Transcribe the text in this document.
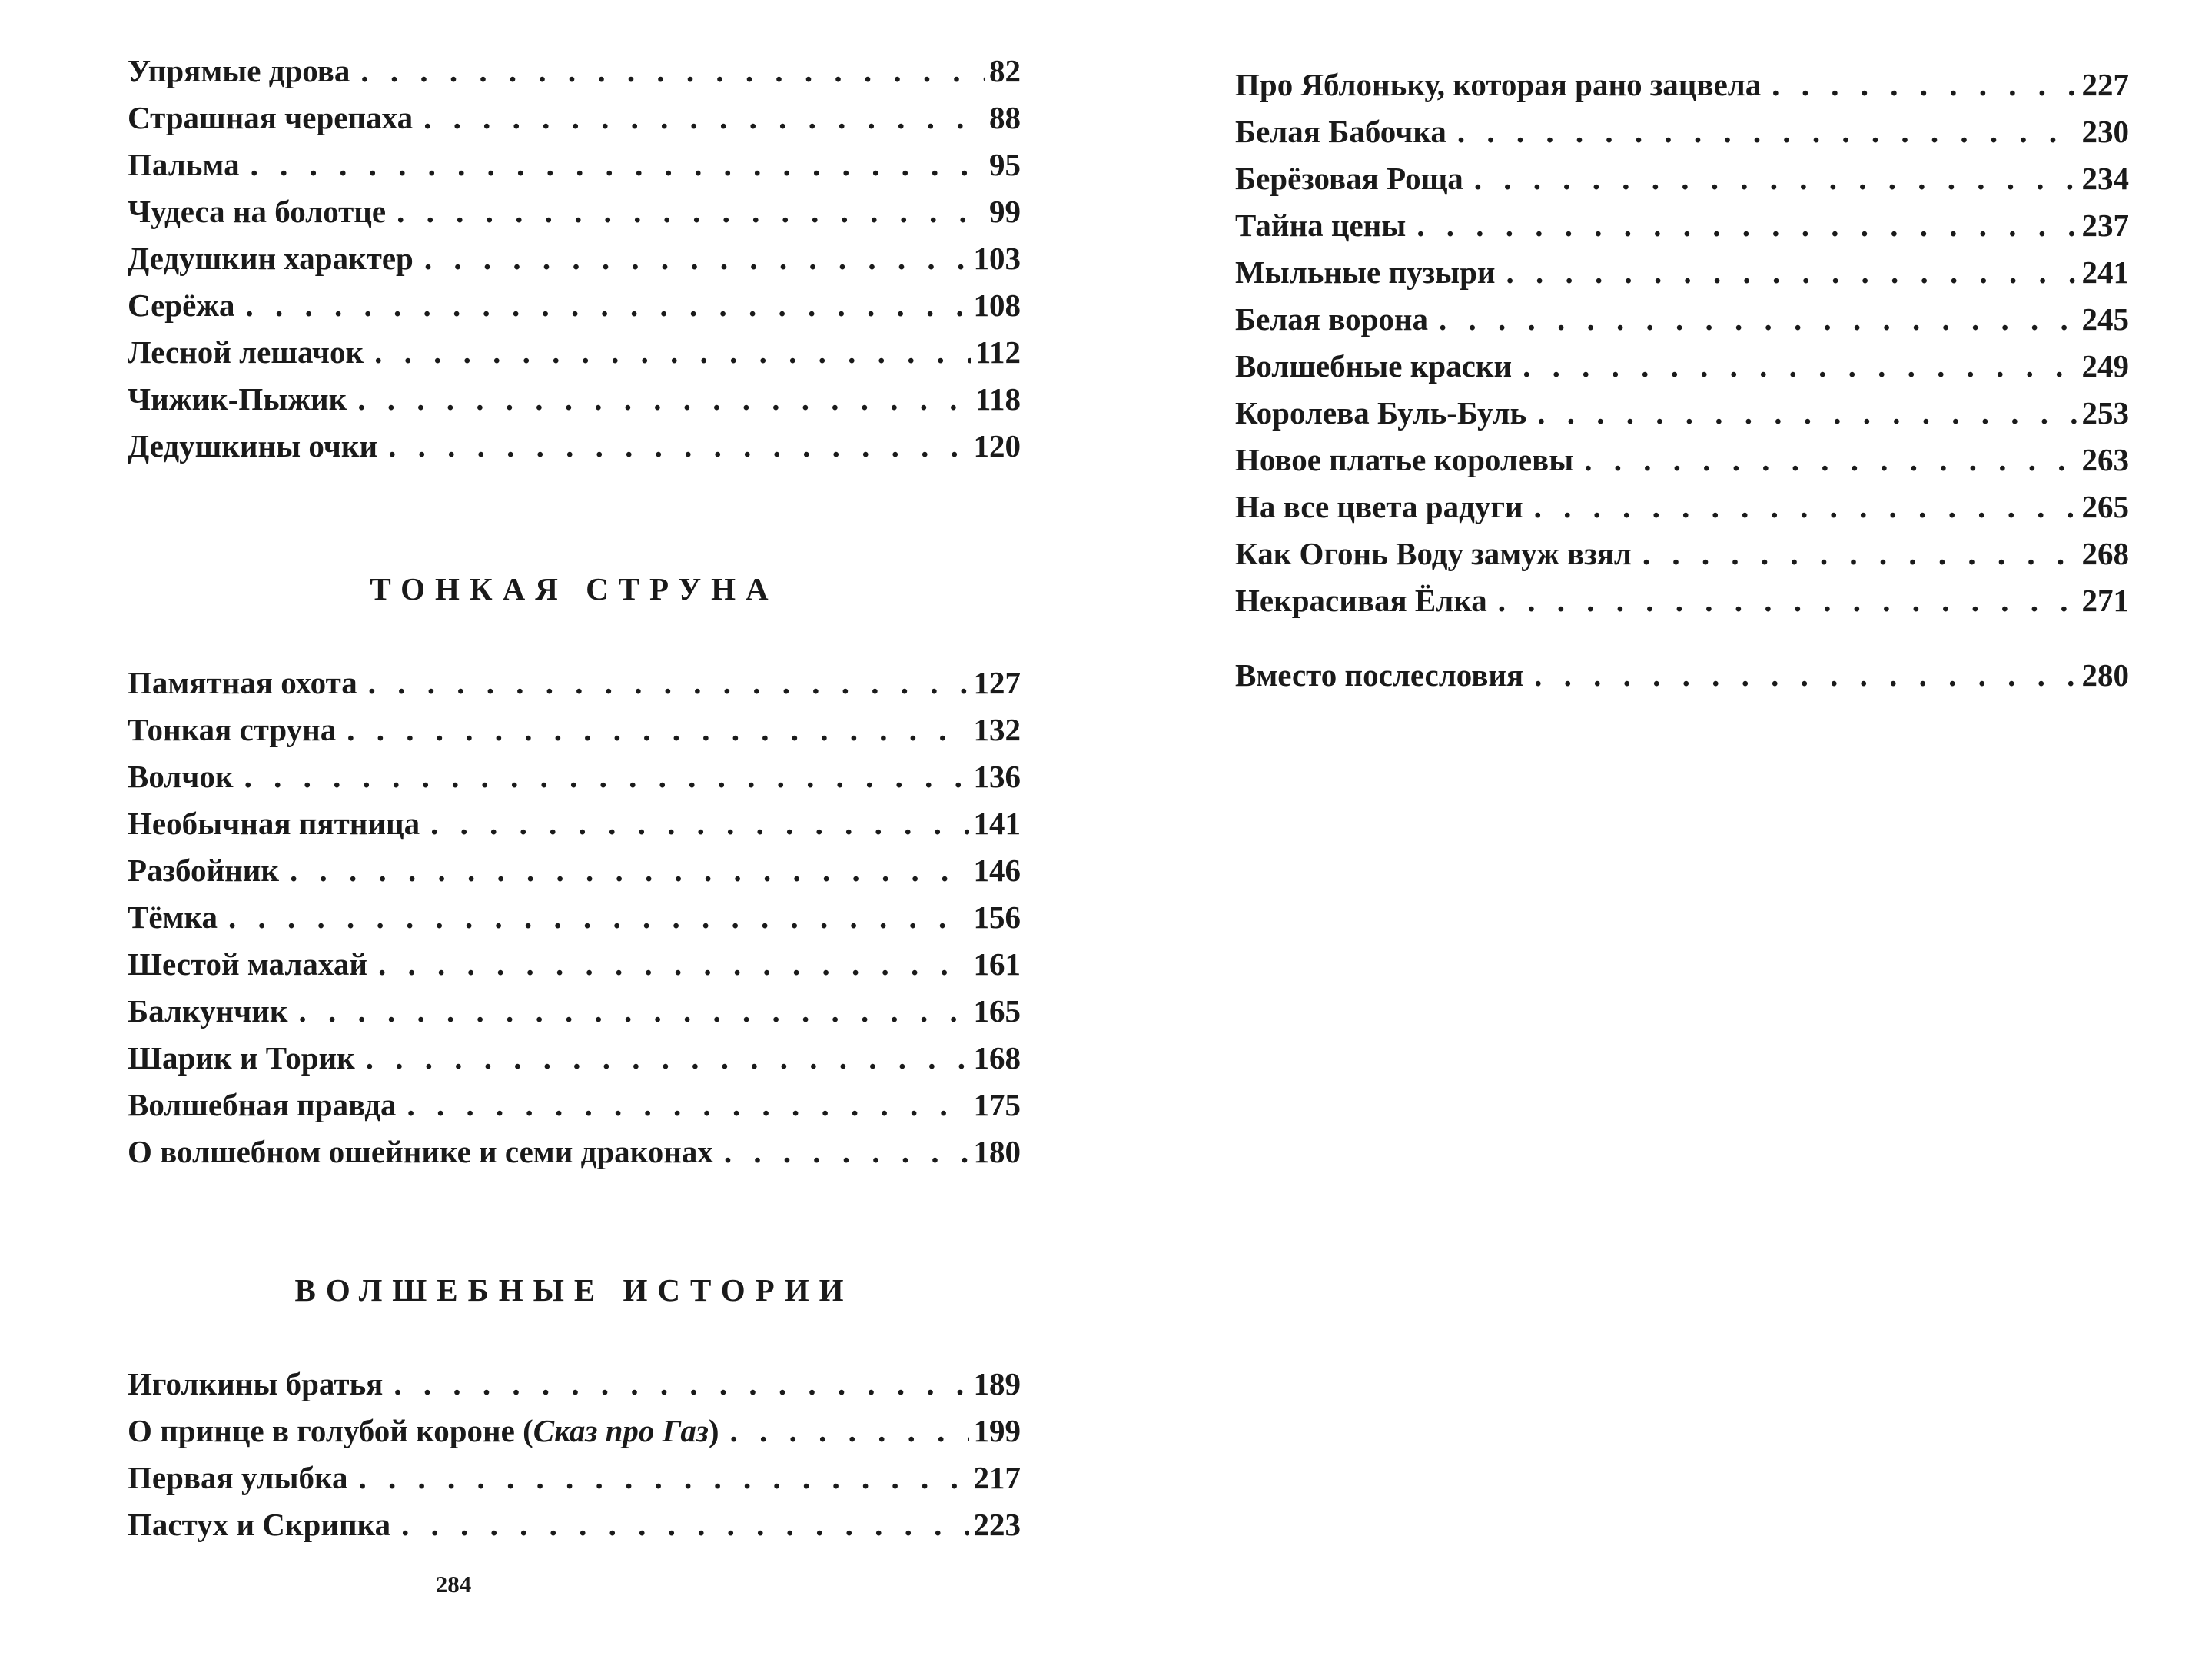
Упрямые дрова . . .	82
Страшная черепаха . . .	88
Пальма . . .	95
Чудеса на болотце . . .	99
Дедушкин характер . . .	103
Серёжа . . .	108
Лесной лешачок . . .	112
Чижик-Пыжик . . .	118
Дедушкины очки . . .	120
ТОНКАЯ СТРУНА
Памятная охота . . .	127
Тонкая струна . . .	132
Волчок . . .	136
Необычная пятница . . .	141
Разбойник . . .	146
Тёмка . . .	156
Шестой малахай . . .	161
Балкунчик . . .	165
Шарик и Торик . . .	168
Волшебная правда . . .	175
О волшебном ошейнике и семи драконах . . .	180
ВОЛШЕБНЫЕ ИСТОРИИ
Иголкины братья . . .	189
О принце в голубой короне (Сказ про Газ) . . .	199
Первая улыбка . . .	217
Пастух и Скрипка . . .	223
284
Про Яблоньку, которая рано зацвела . . .	227
Белая Бабочка . . .	230
Берёзовая Роща . . .	234
Тайна цены . . .	237
Мыльные пузыри . . .	241
Белая ворона . . .	245
Волшебные краски . . .	249
Королева Буль-Буль . . .	253
Новое платье королевы . . .	263
На все цвета радуги . . .	265
Как Огонь Воду замуж взял . . .	268
Некрасивая Ёлка . . .	271
Вместо послесловия . . .	280
